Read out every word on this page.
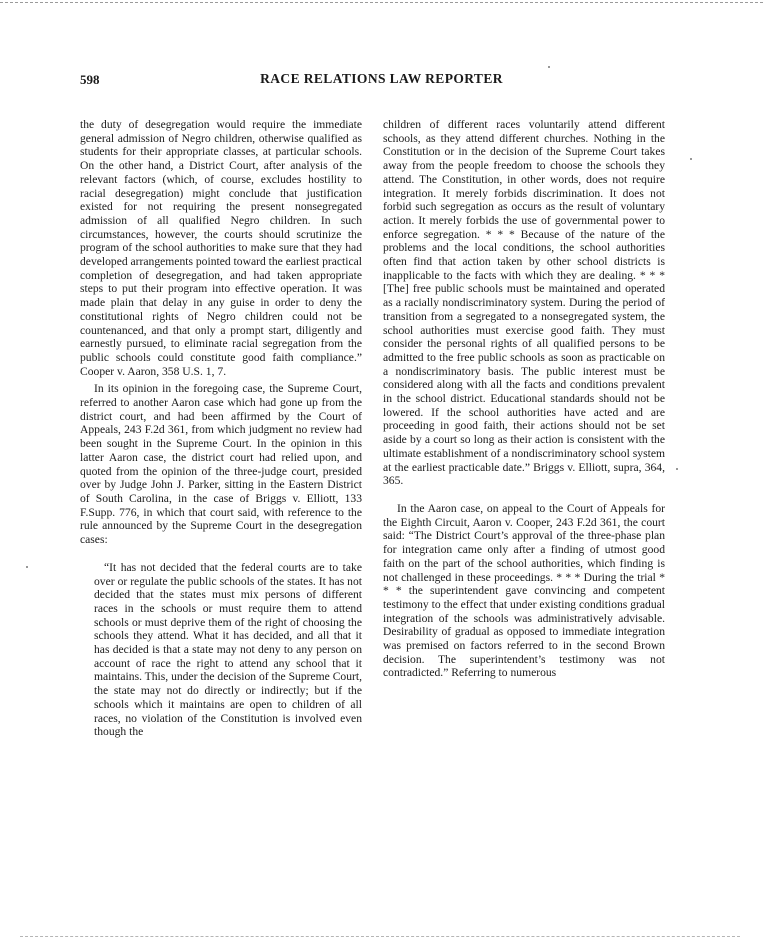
598	RACE RELATIONS LAW REPORTER

the duty of desegregation would require the immediate general admission of Negro children, otherwise qualified as students for their appropriate classes, at particular schools. On the other hand, a District Court, after analysis of the relevant factors (which, of course, excludes hostility to racial desegregation) might conclude that justification existed for not requiring the present nonsegregated admission of all qualified Negro children. In such circumstances, however, the courts should scrutinize the program of the school authorities to make sure that they had developed arrangements pointed toward the earliest practical completion of desegregation, and had taken appropriate steps to put their program into effective operation. It was made plain that delay in any guise in order to deny the constitutional rights of Negro children could not be countenanced, and that only a prompt start, diligently and earnestly pursued, to eliminate racial segregation from the public schools could constitute good faith compliance.” Cooper v. Aaron, 358 U.S. 1, 7.

In its opinion in the foregoing case, the Supreme Court, referred to another Aaron case which had gone up from the district court, and had been affirmed by the Court of Appeals, 243 F.2d 361, from which judgment no review had been sought in the Supreme Court. In the opinion in this latter Aaron case, the district court had relied upon, and quoted from the opinion of the three-judge court, presided over by Judge John J. Parker, sitting in the Eastern District of South Carolina, in the case of Briggs v. Elliott, 133 F.Supp. 776, in which that court said, with reference to the rule announced by the Supreme Court in the desegregation cases:

“It has not decided that the federal courts are to take over or regulate the public schools of the states. It has not decided that the states must mix persons of different races in the schools or must require them to attend schools or must deprive them of the right of choosing the schools they attend. What it has decided, and all that it has decided is that a state may not deny to any person on account of race the right to attend any school that it maintains. This, under the decision of the Supreme Court, the state may not do directly or indirectly; but if the schools which it maintains are open to children of all races, no violation of the Constitution is involved even though the

children of different races voluntarily attend different schools, as they attend different churches. Nothing in the Constitution or in the decision of the Supreme Court takes away from the people freedom to choose the schools they attend. The Constitution, in other words, does not require integration. It merely forbids discrimination. It does not forbid such segregation as occurs as the result of voluntary action. It merely forbids the use of governmental power to enforce segregation. * * * Because of the nature of the problems and the local conditions, the school authorities often find that action taken by other school districts is inapplicable to the facts with which they are dealing. * * * [The] free public schools must be maintained and operated as a racially nondiscriminatory system. During the period of transition from a segregated to a nonsegregated system, the school authorities must exercise good faith. They must consider the personal rights of all qualified persons to be admitted to the free public schools as soon as practicable on a nondiscriminatory basis. The public interest must be considered along with all the facts and conditions prevalent in the school district. Educational standards should not be lowered. If the school authorities have acted and are proceeding in good faith, their actions should not be set aside by a court so long as their action is consistent with the ultimate establishment of a nondiscriminatory school system at the earliest practicable date.” Briggs v. Elliott, supra, 364, 365.

In the Aaron case, on appeal to the Court of Appeals for the Eighth Circuit, Aaron v. Cooper, 243 F.2d 361, the court said: “The District Court’s approval of the three-phase plan for integration came only after a finding of utmost good faith on the part of the school authorities, which finding is not challenged in these proceedings. * * * During the trial * * * the superintendent gave convincing and competent testimony to the effect that under existing conditions gradual integration of the schools was administratively advisable. Desirability of gradual as opposed to immediate integration was premised on factors referred to in the second Brown decision. The superintendent’s testimony was not contradicted.” Referring to numerous
